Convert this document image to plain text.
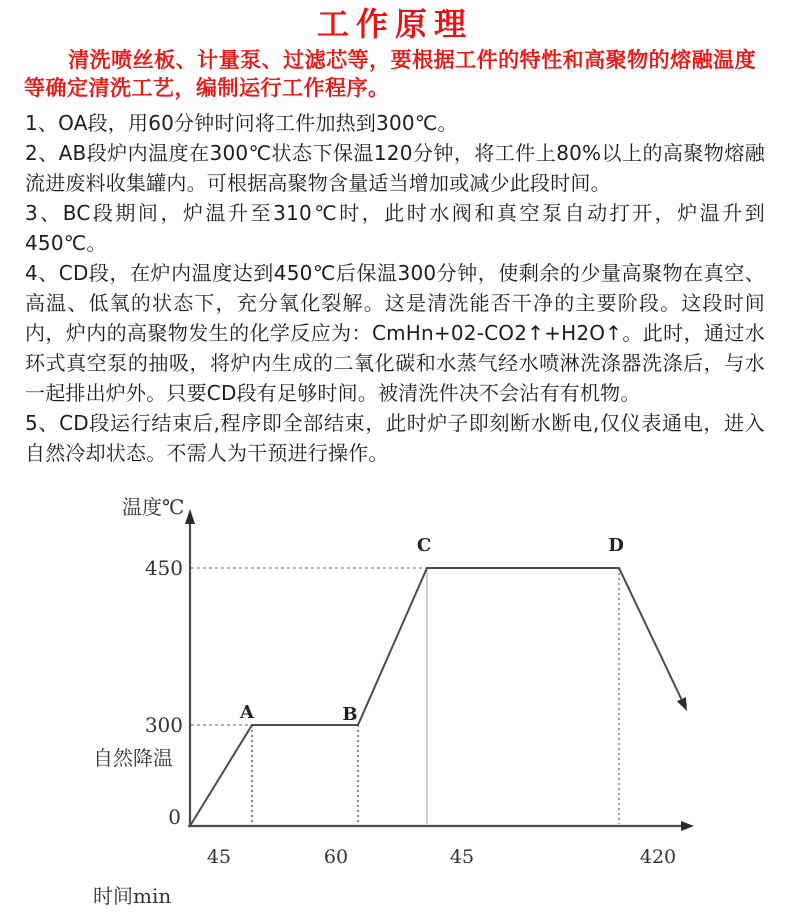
工作原理

清洗喷丝板、计量泵、过滤芯等，要根据工件的特性和高聚物的熔融温度等确定清洗工艺，编制运行工作程序。

1、OA段，用60分钟时问将工件加热到300℃。

2、AB段炉内温度在300℃状态下保温120分钟，将工件上80%以上的高聚物熔融流进废料收集罐内。可根据高聚物含量适当增加或减少此段时间。

3、BC段期间，炉温升至310℃时，此时水阀和真空泵自动打开，炉温升到450℃。

4、CD段，在炉内温度达到450℃后保温300分钟，使剩余的少量高聚物在真空、高温、低氧的状态下，充分氧化裂解。这是清洗能否干净的主要阶段。这段时间内，炉内的高聚物发生的化学反应为：CmHn+02-CO2↑+H2O↑。此时，通过水环式真空泵的抽吸，将炉内生成的二氧化碳和水蒸气经水喷淋洗涤器洗涤后，与水一起排出炉外。只要CD段有足够时间。被清洗件决不会沾有有机物。

5、CD段运行结束后,程序即全部结束，此时炉子即刻断水断电,仅仪表通电，进入自然冷却状态。不需人为干预进行操作。

温度℃
自然降温
时间min
450
300
0
45	60	45	420
A	B
C	D
